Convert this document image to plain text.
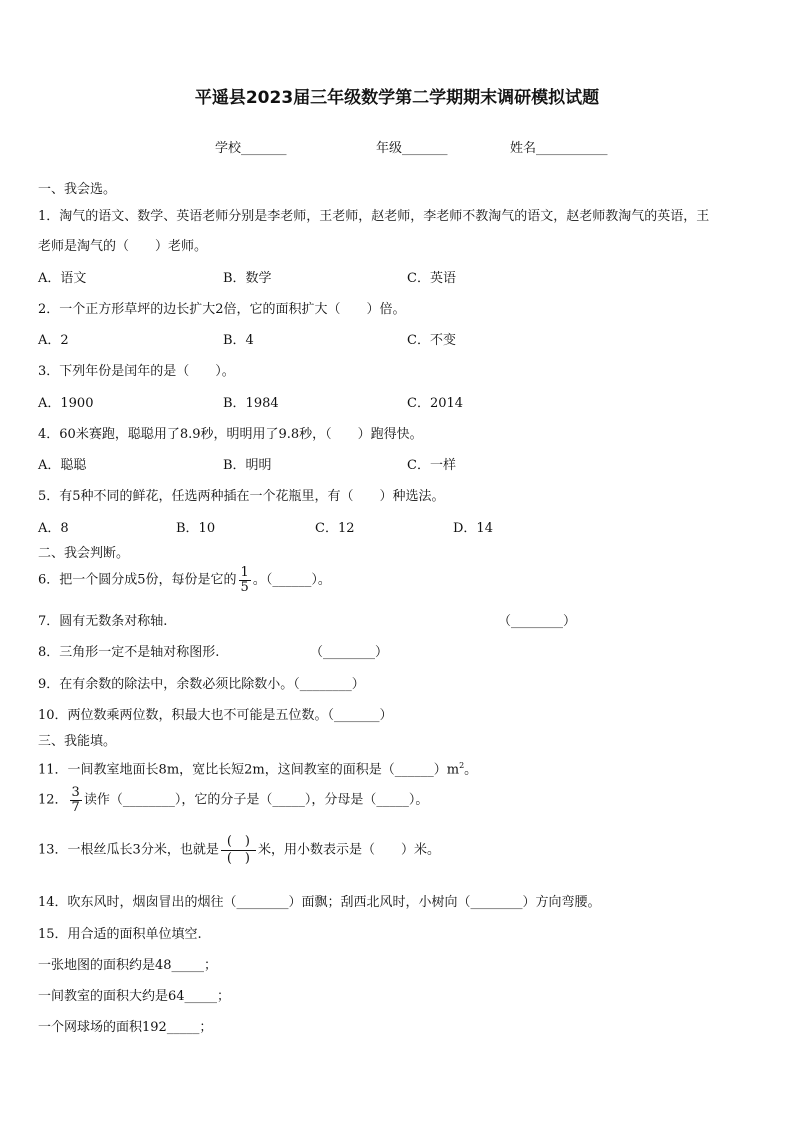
平遥县2023届三年级数学第二学期期末调研模拟试题
学校_______	年级_______	姓名___________
一、我会选。
1．淘气的语文、数学、英语老师分别是李老师，王老师，赵老师，李老师不教淘气的语文，赵老师教淘气的英语，王
老师是淘气的（　　）老师。
A．语文	B．数学	C．英语
2．一个正方形草坪的边长扩大2倍，它的面积扩大（　　）倍。
A．2	B．4	C．不变
3．下列年份是闰年的是（　　）。
A．1900	B．1984	C．2014
4．60米赛跑，聪聪用了8.9秒，明明用了9.8秒，（　　）跑得快。
A．聪聪	B．明明	C．一样
5．有5种不同的鲜花，任选两种插在一个花瓶里，有（　　）种选法。
A．8	B．10	C．12	D．14
二、我会判断。
6．把一个圆分成5份，每份是它的 $\frac{1}{5}$ 。（______）。
7．圆有无数条对称轴.	（________）
8．三角形一定不是轴对称图形.	（________）
9．在有余数的除法中，余数必须比除数小。（________）
10．两位数乘两位数，积最大也不可能是五位数。（_______）
三、我能填。
11．一间教室地面长8m，宽比长短2m，这间教室的面积是$(\_\_\_\_\_\_)m^2$。
12． $\frac{3}{7}$ 读作（________），它的分子是（_____），分母是（_____）。
13．一根丝瓜长3分米，也就是 $\frac{( )}{( )}$ 米，用小数表示是（　　）米。
14．吹东风时，烟囱冒出的烟往（________）面飘；刮西北风时，小树向（________）方向弯腰。
15．用合适的面积单位填空.
一张地图的面积约是48_____；
一间教室的面积大约是64_____；
一个网球场的面积192_____；
